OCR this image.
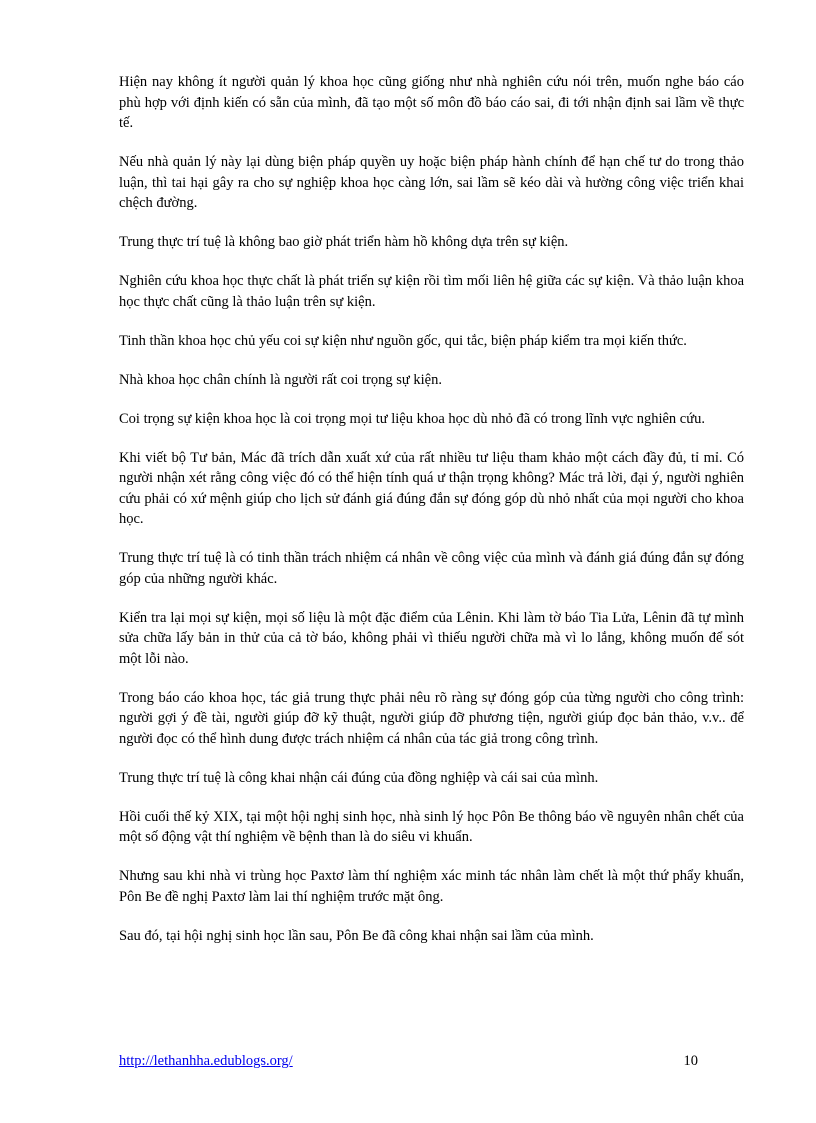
Hiện nay không ít người quản lý khoa học cũng giống như nhà nghiên cứu nói trên, muốn nghe báo cáo phù hợp với định kiến có sẵn của mình, đã tạo một số môn đồ báo cáo sai, đi tới nhận định sai lầm về thực tế.

Nếu nhà quản lý này lại dùng biện pháp quyền uy hoặc biện pháp hành chính để hạn chế tư do trong thảo luận, thì tai hại gây ra cho sự nghiệp khoa học càng lớn, sai lầm sẽ kéo dài và hường công việc triển khai chệch đường.

Trung thực trí tuệ là không bao giờ phát triển hàm hồ không dựa trên sự kiện.

Nghiên cứu khoa học thực chất là phát triển sự kiện rồi tìm mối liên hệ giữa các sự kiện. Và thảo luận khoa học thực chất cũng là thảo luận trên sự kiện.

Tinh thần khoa học chủ yếu coi sự kiện như nguồn gốc, qui tắc, biện pháp kiểm tra mọi kiến thức.

Nhà khoa học chân chính là người rất coi trọng sự kiện.

Coi trọng sự kiện khoa học là coi trọng mọi tư liệu khoa học dù nhỏ đã có trong lĩnh vực nghiên cứu.

Khi viết bộ Tư bản, Mác đã trích dẫn xuất xứ của rất nhiều tư liệu tham khảo một cách đầy đủ, tỉ mỉ. Có người nhận xét rằng công việc đó có thể hiện tính quá ư thận trọng không? Mác trả lời, đại ý, người nghiên cứu phải có xứ mệnh giúp cho lịch sử đánh giá đúng đắn sự đóng góp dù nhỏ nhất của mọi người cho khoa học.

Trung thực trí tuệ là có tinh thần trách nhiệm cá nhân về công việc của mình và đánh giá đúng đắn sự đóng góp của những người khác.

Kiển tra lại mọi sự kiện, mọi số liệu là một đặc điểm của Lênin. Khi làm tờ báo Tia Lửa, Lênin đã tự mình sửa chữa lấy bản in thử của cả tờ báo, không phải vì thiếu người chữa mà vì lo lắng, không muốn để sót một lỗi nào.

Trong báo cáo khoa học, tác giả trung thực phải nêu rõ ràng sự đóng góp của từng người cho công trình: người gợi ý đề tài, người giúp đỡ kỹ thuật, người giúp đỡ phương tiện, người giúp đọc bản thảo, v.v.. để người đọc có thể hình dung được trách nhiệm cá nhân của tác giả trong công trình.

Trung thực trí tuệ là công khai nhận cái đúng của đồng nghiệp và cái sai của mình.

Hồi cuối thế kỷ XIX, tại một hội nghị sinh học, nhà sinh lý học Pôn Be thông báo về nguyên nhân chết của một số động vật thí nghiệm về bệnh than là do siêu vi khuẩn.

Nhưng sau khi nhà vi trùng học Paxtơ làm thí nghiệm xác minh tác nhân làm chết là một thứ phẩy khuẩn, Pôn Be đề nghị Paxtơ làm lai thí nghiệm trước mặt ông.

Sau đó, tại hội nghị sinh học lần sau, Pôn Be đã công khai nhận sai lầm của mình.

http://lethanhha.edublogs.org/	10
